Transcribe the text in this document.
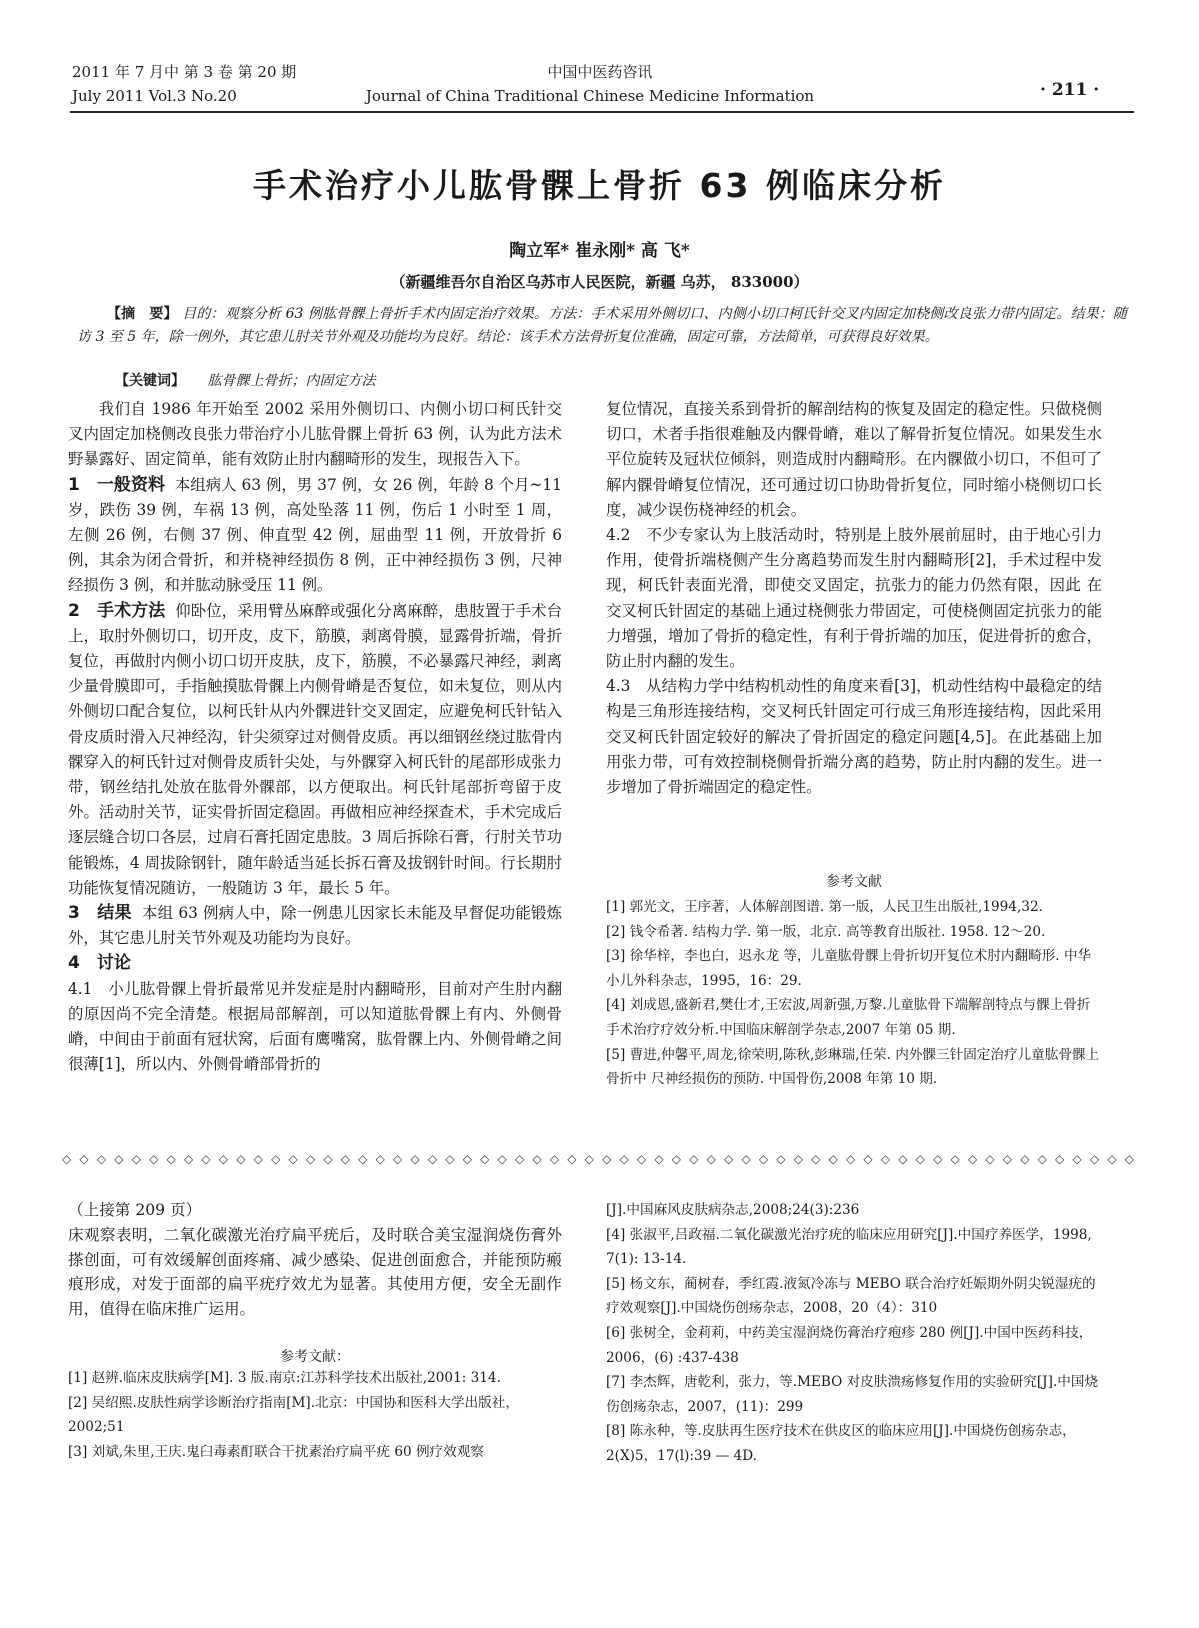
2011 年 7 月中 第 3 卷 第 20 期
July 2011 Vol.3 No.20
中国中医药咨讯
Journal of China Traditional Chinese Medicine Information	· 211 ·
手术治疗小儿肱骨髁上骨折 63 例临床分析
陶立军* 崔永刚* 高 飞*
（新疆维吾尔自治区乌苏市人民医院，新疆 乌苏， 833000）
【摘　要】 目的：观察分析 63 例肱骨髁上骨折手术内固定治疗效果。方法：手术采用外侧切口、内侧小切口柯氏针交叉内固定加桡侧改良张力带内固定。结果：随访 3 至 5 年，除一例外，其它患儿肘关节外观及功能均为良好。结论：该手术方法骨折复位准确，固定可靠，方法简单，可获得良好效果。
【关键词】 肱骨髁上骨折；内固定方法

我们自 1986 年开始至 2002 采用外侧切口、内侧小切口柯氏针交叉内固定加桡侧改良张力带治疗小儿肱骨髁上骨折 63 例，认为此方法术野暴露好、固定简单，能有效防止肘内翻畸形的发生，现报告入下。

1　一般资料 本组病人 63 例，男 37 例，女 26 例，年龄 8 个月~11 岁，跌伤 39 例，车祸 13 例，高处坠落 11 例，伤后 1 小时至 1 周，左侧 26 例，右侧 37 例、伸直型 42 例，屈曲型 11 例，开放骨折 6 例，其余为闭合骨折，和并桡神经损伤 8 例，正中神经损伤 3 例，尺神经损伤 3 例，和并肱动脉受压 11 例。

2　手术方法 仰卧位，采用臂丛麻醉或强化分离麻醉，患肢置于手术台上，取肘外侧切口，切开皮，皮下，筋膜，剥离骨膜，显露骨折端，骨折复位，再做肘内侧小切口切开皮肤，皮下，筋膜，不必暴露尺神经，剥离少量骨膜即可，手指触摸肱骨髁上内侧骨嵴是否复位，如未复位，则从内外侧切口配合复位，以柯氏针从内外髁进针交叉固定，应避免柯氏针钻入骨皮质时滑入尺神经沟，针尖须穿过对侧骨皮质。再以细钢丝绕过肱骨内髁穿入的柯氏针过对侧骨皮质针尖处，与外髁穿入柯氏针的尾部形成张力带，钢丝结扎处放在肱骨外髁部，以方便取出。柯氏针尾部折弯留于皮外。活动肘关节，证实骨折固定稳固。再做相应神经探查术，手术完成后逐层缝合切口各层，过肩石膏托固定患肢。3 周后拆除石膏，行肘关节功能锻炼，4 周拔除钢针，随年龄适当延长拆石膏及拔钢针时间。行长期肘功能恢复情况随访，一般随访 3 年，最长 5 年。

3　结果 本组 63 例病人中，除一例患儿因家长未能及早督促功能锻炼外，其它患儿肘关节外观及功能均为良好。

4　讨论

4.1　小儿肱骨髁上骨折最常见并发症是肘内翻畸形，目前对产生肘内翻的原因尚不完全清楚。根据局部解剖，可以知道肱骨髁上有内、外侧骨嵴，中间由于前面有冠状窝，后面有鹰嘴窝，肱骨髁上内、外侧骨嵴之间很薄[1]，所以内、外侧骨嵴部骨折的

复位情况，直接关系到骨折的解剖结构的恢复及固定的稳定性。只做桡侧切口，术者手指很难触及内髁骨嵴，难以了解骨折复位情况。如果发生水平位旋转及冠状位倾斜，则造成肘内翻畸形。在内髁做小切口，不但可了解内髁骨嵴复位情况，还可通过切口协助骨折复位，同时缩小桡侧切口长度，减少误伤桡神经的机会。

4.2　不少专家认为上肢活动时，特别是上肢外展前屈时，由于地心引力作用，使骨折端桡侧产生分离趋势而发生肘内翻畸形[2]，手术过程中发现，柯氏针表面光滑，即使交叉固定，抗张力的能力仍然有限，因此 在交叉柯氏针固定的基础上通过桡侧张力带固定，可使桡侧固定抗张力的能力增强，增加了骨折的稳定性，有利于骨折端的加压，促进骨折的愈合，防止肘内翻的发生。

4.3　从结构力学中结构机动性的角度来看[3]，机动性结构中最稳定的结构是三角形连接结构，交叉柯氏针固定可行成三角形连接结构，因此采用交叉柯氏针固定较好的解决了骨折固定的稳定问题[4,5]。在此基础上加用张力带，可有效控制桡侧骨折端分离的趋势，防止肘内翻的发生。进一步增加了骨折端固定的稳定性。

参考文献

[1] 郭光文，王序著，人体解剖图谱. 第一版，人民卫生出版社,1994,32.

[2] 钱令希著. 结构力学. 第一版，北京. 高等教育出版社. 1958. 12～20.

[3] 徐华梓，李也白，迟永龙 等，儿童肱骨髁上骨折切开复位术肘内翻畸形. 中华小儿外科杂志，1995，16：29.

[4] 刘成恩,盛新君,樊仕才,王宏波,周新强,万黎.儿童肱骨下端解剖特点与髁上骨折手术治疗疗效分析.中国临床解剖学杂志,2007 年第 05 期.

[5] 曹进,仲馨平,周龙,徐荣明,陈秋,彭琳瑞,任荣. 内外髁三针固定治疗儿童肱骨髁上骨折中 尺神经损伤的预防. 中国骨伤,2008 年第 10 期.

◇ ◇ ◇ ◇ ◇ ◇ ◇ ◇ ◇ ◇ ◇ ◇ ◇ ◇ ◇ ◇ ◇ ◇ ◇ ◇ ◇ ◇ ◇ ◇ ◇ ◇ ◇ ◇ ◇ ◇ ◇ ◇ ◇ ◇ ◇ ◇ ◇ ◇ ◇ ◇ ◇ ◇ ◇ ◇ ◇ ◇ ◇ ◇ ◇ ◇ ◇ ◇ ◇ ◇ ◇ ◇ ◇ ◇ ◇ ◇ ◇ ◇

（上接第 209 页）

床观察表明，二氧化碳激光治疗扁平疣后，及时联合美宝湿润烧伤膏外搽创面，可有效缓解创面疼痛、减少感染、促进创面愈合，并能预防瘢痕形成，对发于面部的扁平疣疗效尤为显著。其使用方便，安全无副作用，值得在临床推广运用。

参考文献：

[1] 赵辨.临床皮肤病学[M]. 3 版.南京:江苏科学技术出版社,2001: 314.

[2] 吴绍熙.皮肤性病学诊断治疗指南[M].北京：中国协和医科大学出版社，2002;51

[3] 刘斌,朱里,王庆.鬼臼毒素酊联合干扰素治疗扁平疣 60 例疗效观察

[J].中国麻风皮肤病杂志,2008;24(3):236

[4] 张淑平,吕政福.二氧化碳激光治疗疣的临床应用研究[J].中国疗养医学，1998, 7(1): 13-14.

[5] 杨文东，蔺树春，季红霞.液氮冷冻与 MEBO 联合治疗妊娠期外阴尖锐湿疣的疗效观察[J].中国烧伤创疡杂志，2008，20（4）：310

[6] 张树全，金莉莉，中药美宝湿润烧伤膏治疗疱疹 280 例[J].中国中医药科技，2006，(6) :437-438

[7] 李杰辉，唐乾利，张力，等.MEBO 对皮肤溃疡修复作用的实验研究[J].中国烧伤创疡杂志，2007，(11)：299

[8] 陈永种，等.皮肤再生医疗技术在供皮区的临床应用[J].中国烧伤创疡杂志，2(X)5，17(l):39 — 4D.
